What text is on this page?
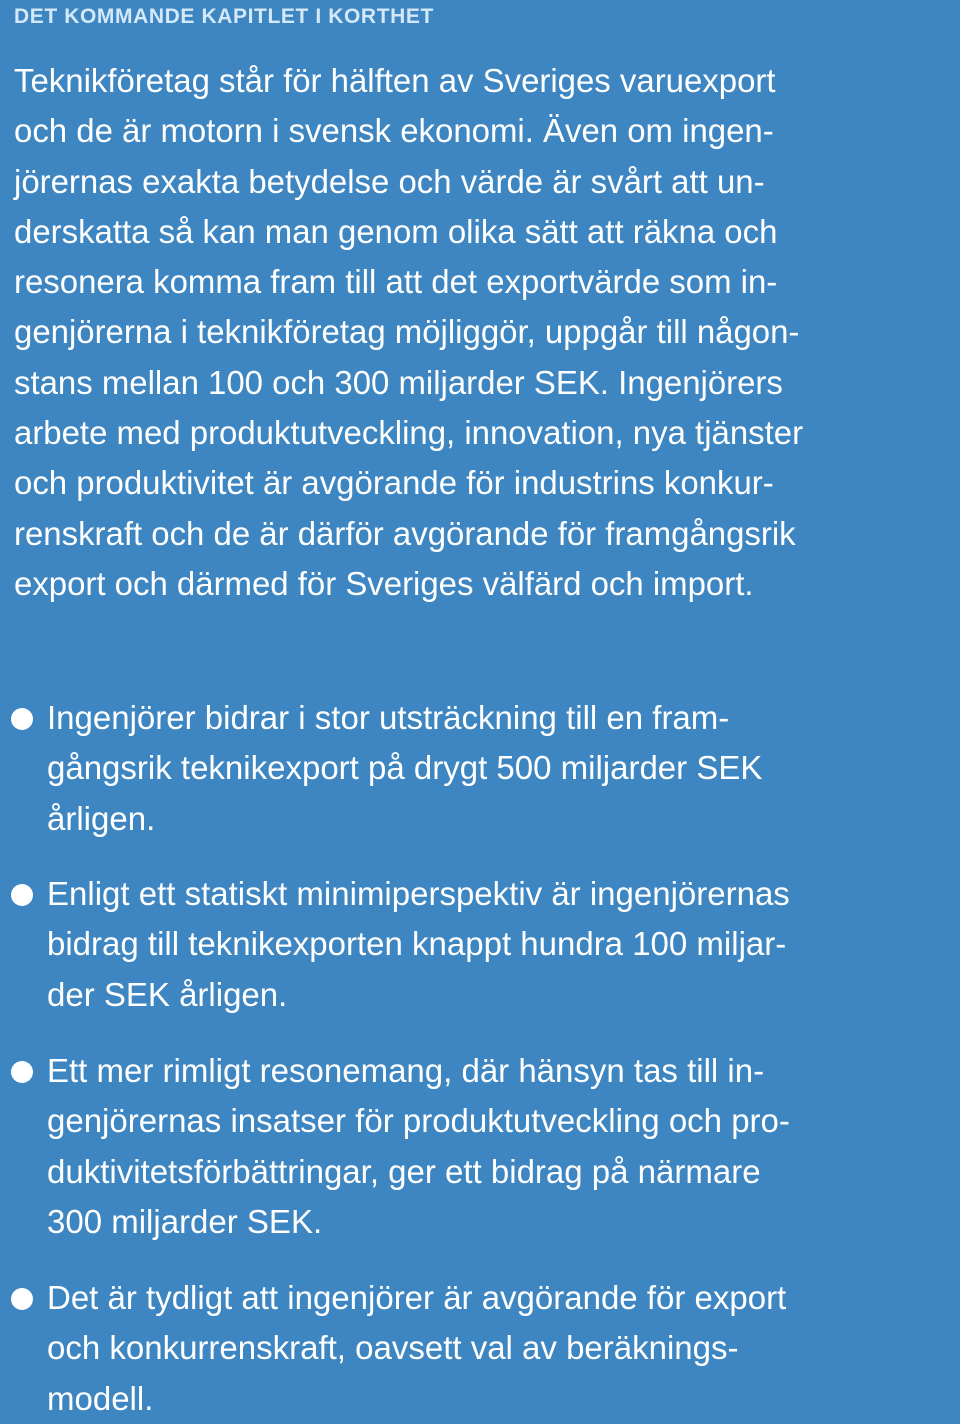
DET KOMMANDE KAPITLET I KORTHET
Teknikföretag står för hälften av Sveriges varuexport
och de är motorn i svensk ekonomi. Även om ingen-
jörernas exakta betydelse och värde är svårt att un-
derskatta så kan man genom olika sätt att räkna och
resonera komma fram till att det exportvärde som in-
genjörerna i teknikföretag möjliggör, uppgår till någon-
stans mellan 100 och 300 miljarder SEK. Ingenjörers
arbete med produktutveckling, innovation, nya tjänster
och produktivitet är avgörande för industrins konkur-
renskraft och de är därför avgörande för framgångsrik
export och därmed för Sveriges välfärd och import.
Ingenjörer bidrar i stor utsträckning till en fram-
gångsrik teknikexport på drygt 500 miljarder SEK
årligen.
Enligt ett statiskt minimiperspektiv är ingenjörernas
bidrag till teknikexporten knappt hundra 100 miljar-
der SEK årligen.
Ett mer rimligt resonemang, där hänsyn tas till in-
genjörernas insatser för produktutveckling och pro-
duktivitetsförbättringar, ger ett bidrag på närmare
300 miljarder SEK.
Det är tydligt att ingenjörer är avgörande för export
och konkurrenskraft, oavsett val av beräknings-
modell.
